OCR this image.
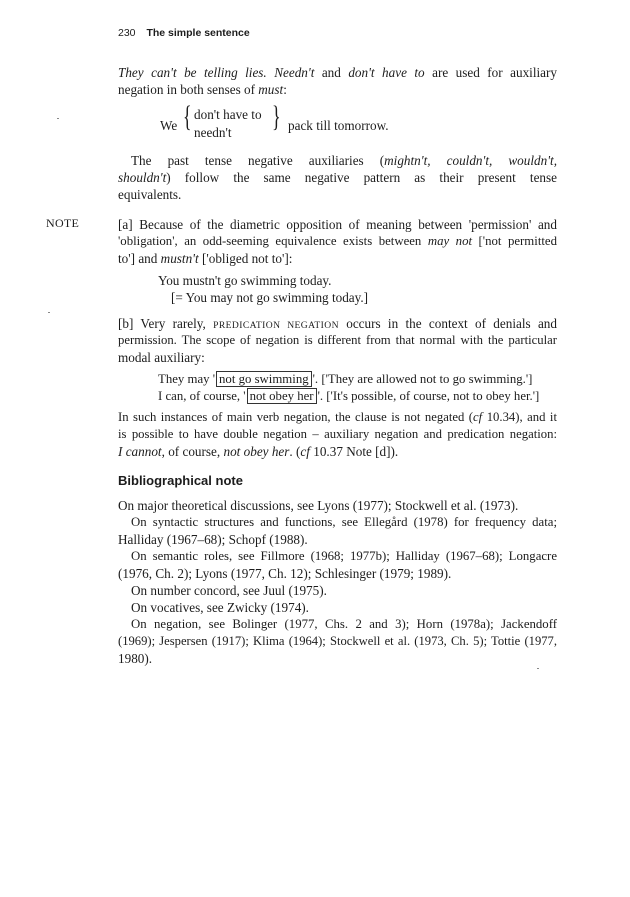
230 The simple sentence
They can't be telling lies. Needn't and don't have to are used for auxiliary
negation in both senses of must:
We { don't have to
needn't } pack till tomorrow.
The past tense negative auxiliaries (mightn't, couldn't, wouldn't,
shouldn't) follow the same negative pattern as their present tense
equivalents.
NOTE	[a] Because of the diametric opposition of meaning between 'permission' and
'obligation', an odd-seeming equivalence exists between may not ['not permitted
to'] and mustn't ['obliged not to']:
You mustn't go swimming today.
[= You may not go swimming today.]
[b] Very rarely, PREDICATION NEGATION occurs in the context of denials and
permission. The scope of negation is different from that normal with the particular
modal auxiliary:
They may ' not go swimming '. ['They are allowed not to go swimming.']
I can, of course, ' not obey her '. ['It's possible, of course, not to obey her.']
In such instances of main verb negation, the clause is not negated (cf 10.34), and it
is possible to have double negation – auxiliary negation and predication negation:
I cannot, of course, not obey her. (cf 10.37 Note [d]).
Bibliographical note
On major theoretical discussions, see Lyons (1977); Stockwell et al. (1973).
On syntactic structures and functions, see Ellegård (1978) for frequency data;
Halliday (1967–68); Schopf (1988).
On semantic roles, see Fillmore (1968; 1977b); Halliday (1967–68); Longacre
(1976, Ch. 2); Lyons (1977, Ch. 12); Schlesinger (1979; 1989).
On number concord, see Juul (1975).
On vocatives, see Zwicky (1974).
On negation, see Bolinger (1977, Chs. 2 and 3); Horn (1978a); Jackendoff
(1969); Jespersen (1917); Klima (1964); Stockwell et al. (1973, Ch. 5); Tottie (1977,
1980).
